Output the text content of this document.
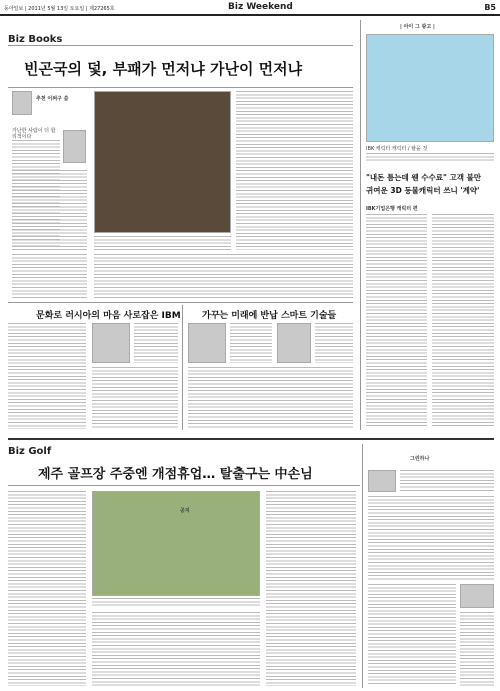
동아일보 | 2011년 5월 13일 토요일 | 제27265호	Biz Weekend	B5
Biz Books
빈곤국의 덫, 부패가 먼저냐 가난이 먼저냐
추천 어쩌구 씀
가난한 사람이 더 합리적이다
문화로 러시아의 마음 사로잡은 IBM 가꾸는 미래에 반납 스마트 기술들
| 아이 그 광고 |
IBK 캐릭터 캐릭터 / 탈을 것
"내돈 틈는데 웬 수수료" 고객 불만
귀여운 3D 동물캐릭터 쓰니 '계약'
IBK기업은행 캐릭터 편
Biz Golf
제주 골프장 주중엔 개점휴업… 탈출구는 中손님
공지
그린하나
